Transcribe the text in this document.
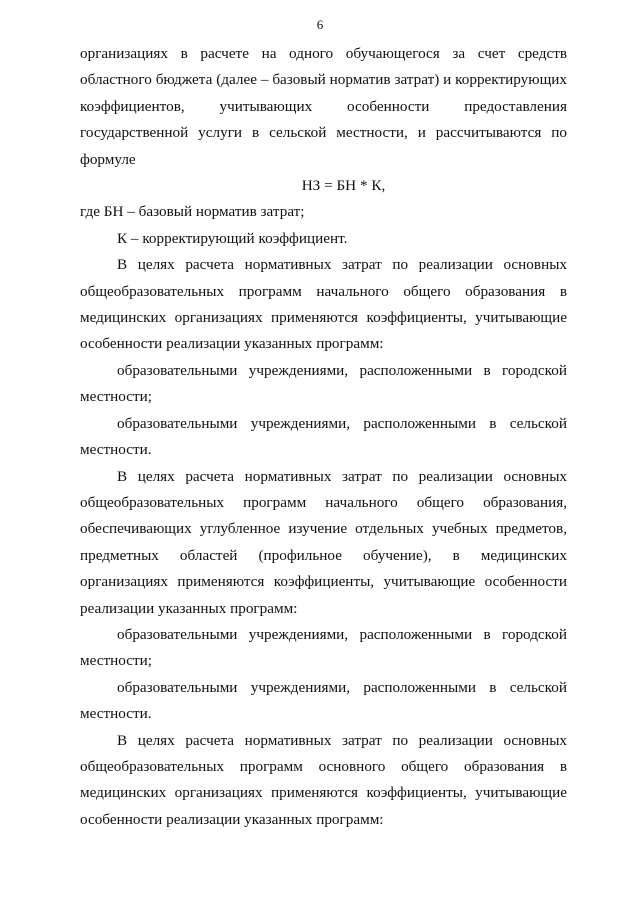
6

организациях в расчете на одного обучающегося за счет средств областного бюджета (далее – базовый норматив затрат) и корректирующих коэффициентов, учитывающих особенности предоставления государственной услуги в сельской местности, и рассчитываются по формуле

НЗ = БН * К,

где БН – базовый норматив затрат;

К – корректирующий коэффициент.

В целях расчета нормативных затрат по реализации основных общеобразовательных программ начального общего образования в медицинских организациях применяются коэффициенты, учитывающие особенности реализации указанных программ:

образовательными учреждениями, расположенными в городской местности;

образовательными учреждениями, расположенными в сельской местности.

В целях расчета нормативных затрат по реализации основных общеобразовательных программ начального общего образования, обеспечивающих углубленное изучение отдельных учебных предметов, предметных областей (профильное обучение), в медицинских организациях применяются коэффициенты, учитывающие особенности реализации указанных программ:

образовательными учреждениями, расположенными в городской местности;

образовательными учреждениями, расположенными в сельской местности.

В целях расчета нормативных затрат по реализации основных общеобразовательных программ основного общего образования в медицинских организациях применяются коэффициенты, учитывающие особенности реализации указанных программ:
